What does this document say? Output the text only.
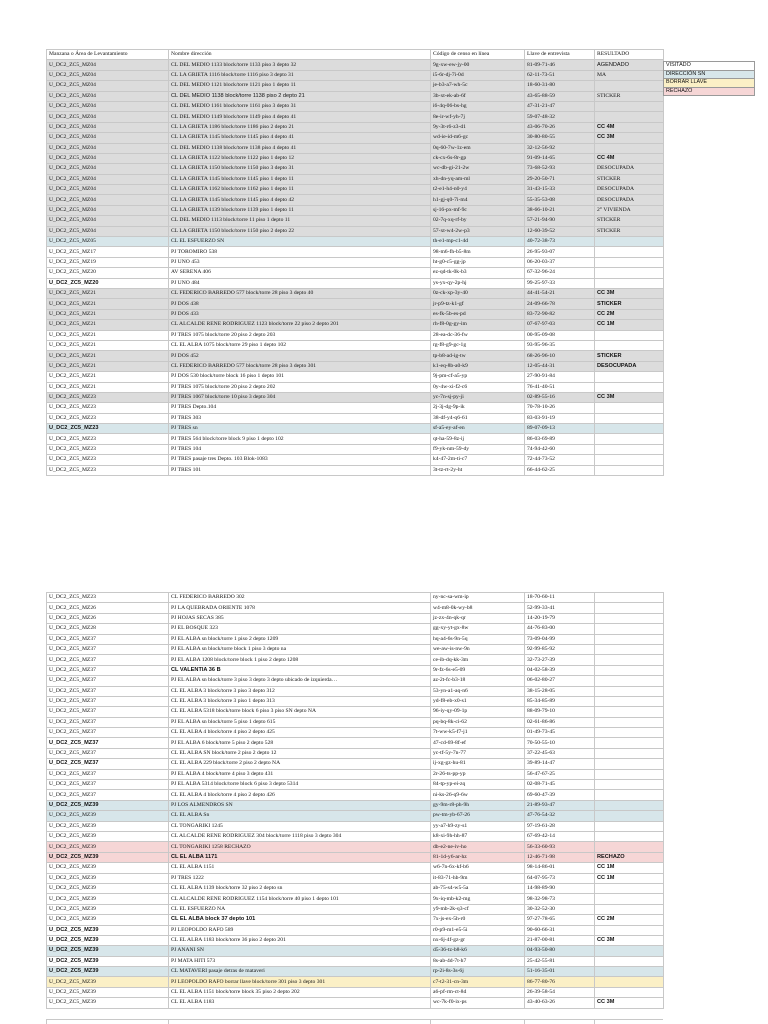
Manzana o Área de Levantamiento	Nombre dirección	Código de censo en línea	Llave de entrevista	RESULTADO
U_DC2_ZC5_MZ04	CL DEL MEDIO 1133 block/torre 1133 piso 3 depto 32	9g-xw-ew-jy-00	81-09-71-46	AGENDADO
U_DC2_ZC5_MZ04	CL LA GRIETA 1116 block/torre 1116 piso 3 depto 31	i5-6r-dj-7i-0d	62-11-73-51	MA
U_DC2_ZC5_MZ04	CL DEL MEDIO 1121 block/torre 1121 piso 1 depto 11	je-b3-a7-wh-5c	18-60-31-80	
U_DC2_ZC5_MZ04	CL DEL MEDIO 1138 block/torre 1138 piso 2 depto 21	3b-xt-ek-ab-6f	43-65-88-59	STICKER
U_DC2_ZC5_MZ04	CL DEL MEDIO 1161 block/torre 1161 piso 3 depto 31	i6-4q-06-bs-hg	47-31-21-47	
U_DC2_ZC5_MZ04	CL DEL MEDIO 1149 block/torre 1149 piso 4 depto 41	8e-ir-wf-yh-7j	59-07-48-32	
U_DC2_ZC5_MZ04	CL LA GRIETA 1186 block/torre 1186 piso 2 depto 21	9y-3t-r6-z3-d1	43-06-70-26	CC 4M
U_DC2_ZC5_MZ04	CL LA GRIETA 1145 block/torre 1145 piso 4 depto 41	wd-ie-id-m6-gc	30-80-80-55	CC 3M
U_DC2_ZC5_MZ04	CL DEL MEDIO 1138 block/torre 1138 piso 4 depto 41	0q-60-7w-1z-em	32-12-56-92	
U_DC2_ZC5_MZ04	CL LA GRIETA 1122 block/torre 1122 piso 1 depto 12	ck-cx-6s-8r-gp	91-09-14-65	CC 4M
U_DC2_ZC5_MZ04	CL LA GRIETA 1150 block/torre 1150 piso 3 depto 31	wc-db-gi-21-2w	73-68-52-93	DESOCUPADA
U_DC2_ZC5_MZ04	CL LA GRIETA 1145 block/torre 1145 piso 1 depto 11	xh-dn-yq-am-ml	29-20-50-71	STICKER
U_DC2_ZC5_MZ04	CL LA GRIETA 1162 block/torre 1162 piso 1 depto 11	t2-e1-h4-n0-y4	31-43-15-33	DESOCUPADA
U_DC2_ZC5_MZ04	CL LA GRIETA 1145 block/torre 1145 piso 4 depto 42	h1-gj-q0-7i-m4	55-35-53-08	DESOCUPADA
U_DC2_ZC5_MZ04	CL LA GRIETA 1139 block/torre 1139 piso 1 depto 11	sj-16-px-mf-9c	38-66-10-21	2° VIVIENDA
U_DC2_ZC5_MZ04	CL DEL MEDIO 1113 block/torre 11 piso 1 depto 11	02-7q-xq-rf-by	57-21-94-90	STICKER
U_DC2_ZC5_MZ04	CL LA GRIETA 1150 block/torre 1150 piso 2 depto 22	57-xt-w4-2w-p3	12-60-39-52	STICKER
U_DC2_ZC5_MZ05	CL EL ESFUERZO SN	th-e1-mp-c1-4d	40-72-38-73	
U_DC2_ZC5_MZ17	PJ TOROMIRO 538	98-m6-fh-b5-8m	26-95-93-07	
U_DC2_ZC5_MZ19	PJ UNO 453	ht-g0-c5-gg-jp	06-20-03-37	
U_DC2_ZC5_MZ20	AV SERENA 406	ez-qd-tk-0k-b3	67-32-96-24	
U_DC2_ZC5_MZ20	PJ UNO 484	ys-yx-qy-2p-hj	99-25-97-33	
U_DC2_ZC5_MZ21	CL FEDERICO BARREDO 577 block/torre 28 piso 3 depto 40	0z-ck-xp-3y-40	44-41-54-21	CC 3M
U_DC2_ZC5_MZ21	PJ DOS 438	jr-p9-tz-k1-gf	24-09-66-78	STICKER
U_DC2_ZC5_MZ21	PJ DOS 433	es-fk-5b-es-pd	83-72-90-82	CC 2M
U_DC2_ZC5_MZ21	CL ALCALDE RENE RODRIGUEZ 1123 block/torre 22 piso 2 depto 201	rh-f8-0g-gy-im	07-67-97-03	CC 1M
U_DC2_ZC5_MZ21	PJ TRES 1075 block/torre 20 piso 2 depto 203	28-ea-dc-36-fw	00-95-09-08	
U_DC2_ZC5_MZ21	CL EL ALBA 1075 block/torre 29 piso 1 depto 102	rg-f8-g9-gc-1g	93-95-96-35	
U_DC2_ZC5_MZ21	PJ DOS 452	tp-b8-ad-ig-tw	68-26-96-10	STICKER
U_DC2_ZC5_MZ21	CL FEDERICO BARREDO 577 block/torre 28 piso 3 depto 301	k1-eq-8b-a0-k9	12-05-44-31	DESOCUPADA
U_DC2_ZC5_MZ21	PJ DOS 530 block/torre block 16 piso 1 depto 101	9j-pm-cf-a5-yp	27-90-91-84	
U_DC2_ZC5_MZ21	PJ TRES 1075 block/torre 20 piso 2 depto 202	0y-4w-xi-f2-c6	76-41-40-51	
U_DC2_ZC5_MZ23	PJ TRES 1067 block/torre 10 piso 3 depto 304	yc-7n-sj-py-ji	02-89-55-16	CC 3M
U_DC2_ZC5_MZ23	PJ TRES Depto.104	2j-3j-dg-9p-ik	70-78-10-26	
U_DC2_ZC5_MZ23	PJ TRES 303	38-df-y4-q6-61	83-03-91-19	
U_DC2_ZC5_MZ23	PJ TRES sn	sf-a5-ey-af-en	89-07-09-13	
U_DC2_ZC5_MZ23	PJ TRES 564 block/torre block 9 piso 1 depto 102	qt-ha-59-8z-ij	86-03-69-89	
U_DC2_ZC5_MZ23	PJ TRES 104	f9-yk-nm-59-dy	74-94-42-60	
U_DC2_ZC5_MZ23	PJ TRES pasaje tres Depto. 103 Blok-1083	k4-47-2m-ti-c7	72-44-73-52	
U_DC2_ZC5_MZ23	PJ TRES 101	3t-tz-rt-2y-ht	66-44-62-25	
VISITADO
DIRECCIÓN SN
BORRAR LLAVE
RECHAZO
U_DC2_ZC5_MZ23	CL FEDERICO BARREDO 302	ny-nc-sa-wm-ip	18-70-60-11	
U_DC2_ZC5_MZ26	PJ LA QUEBRADA ORIENTE 1078	w4-m8-0k-wy-b8	52-99-33-41	
U_DC2_ZC5_MZ26	PJ HOJAS SECAS 385	jz-zx-4n-qk-qr	14-20-19-79	
U_DC2_ZC5_MZ28	PJ EL BOSQUE 323	gg-xy-yt-gx-8w	44-76-83-00	
U_DC2_ZC5_MZ37	PJ EL ALBA sn block/torre 1 piso 2 depto 1209	hq-a4-6s-9n-5q	73-09-04-99	
U_DC2_ZC5_MZ37	PJ EL ALBA sn block/torre block 1 piso 3 depto na	we-aw-is-nw-9n	92-99-85-92	
U_DC2_ZC5_MZ37	PJ EL ALBA 1208 block/torre block 1 piso 2 depto 1208	ce-ib-dq-kk-3m	32-73-27-39	
U_DC2_ZC5_MZ37	CL VALENTIA 36 B	9r-fz-6s-e5-09	04-02-58-39	
U_DC2_ZC5_MZ37	PJ EL ALBA sn block/torre 3 piso 3 depto 3 depto ubicado de izquierda…	az-2t-fc-b3-18	06-02-80-27	
U_DC2_ZC5_MZ37	CL EL ALBA 3 block/torre 3 piso 3 depto 312	53-yn-a1-aq-n6	38-15-28-05	
U_DC2_ZC5_MZ37	CL EL ALBA 3 block/torre 3 piso 1 depto 313	yd-f8-eb-x0-s1	85-34-85-89	
U_DC2_ZC5_MZ37	CL EL ALBA 5318 block/torre block 6 piso 3 piso SN depto NA	96-iy-qy-09-1p	88-09-79-10	
U_DC2_ZC5_MZ37	PJ EL ALBA sn block/torre 5 piso 1 depto 615	pq-bq-8k-ci-62	02-61-86-86	
U_DC2_ZC5_MZ37	CL EL ALBA 4 block/torre 4 piso 2 depto 425	7t-ww-k5-f7-j1	01-49-73-45	
U_DC2_ZC5_MZ37	PJ EL ALBA 6 block/torre 5 piso 2 depto 528	47-cd-69-8f-ef	70-50-55-10	
U_DC2_ZC5_MZ37	CL EL ALBA SN block/torre 2 piso 2 depto 12	yc-tf-5y-7n-77	37-22-45-63	
U_DC2_ZC5_MZ37	CL EL ALBA 229 block/torre 2 piso 2 depto NA	ij-xg-gz-hu-81	39-89-14-47	
U_DC2_ZC5_MZ37	PJ EL ALBA 4 block/torre 4 piso 3 depto 431	2r-26-ts-pp-yp	56-47-67-25	
U_DC2_ZC5_MZ37	PJ EL ALBA 5314 block/torre block 6 piso 3 depto 5314	84-tp-yp-ei-zq	02-08-71-45	
U_DC2_ZC5_MZ37	CL EL ALBA 4 block/torre 4 piso 2 depto 426	ni-ks-26-q9-6w	69-60-47-39	
U_DC2_ZC5_MZ39	PJ LOS ALMENDROS SN	gy-9m-r8-ph-9h	21-89-93-47	
U_DC2_ZC5_MZ39	CL EL ALBA Sn	pw-tm-yb-67-26	47-76-54-32	
U_DC2_ZC5_MZ39	CL TONGARIKI 1245	yy-a7-h9-zy-s1	97-19-61-28	
U_DC2_ZC5_MZ39	CL ALCALDE RENE RODRIGUEZ 304 block/torre 1118 piso 3 depto 304	k8-xi-9h-hh-87	67-69-42-14	
U_DC2_ZC5_MZ39	CL TONGARIKI 1258 RECHAZO	db-e2-ne-iv-ho	56-33-60-93	
U_DC2_ZC5_MZ39	CL EL ALBA 1171	81-1d-y6-ar-hz	12-46-71-98	RECHAZO
U_DC2_ZC5_MZ39	CL EL ALBA 1151	w6-7n-6x-kf-b6	98-14-86-01	CC 1M
U_DC2_ZC5_MZ39	PJ TRES 1222	it-83-71-hb-9m	64-07-95-73	CC 1M
U_DC2_ZC5_MZ39	CL EL ALBA 1139 block/torre 32 piso 2 depto sn	ab-75-s4-w5-5a	14-98-89-90	
U_DC2_ZC5_MZ39	CL ALCALDE RENE RODRIGUEZ 1154 block/torre 40 piso 1 depto 101	9x-iq-mb-k2-mg	98-32-98-73	
U_DC2_ZC5_MZ39	CL EL ESFUERZO NA	y9-mb-2k-q3-cf	30-32-52-30	
U_DC2_ZC5_MZ39	CL EL ALBA block 37 depto 101	7x-js-ex-5h-r0	97-27-78-65	CC 2M
U_DC2_ZC5_MZ39	PJ LEOPOLDO RAFO 589	r0-p9-m1-e5-5i	90-60-66-31	
U_DC2_ZC5_MZ39	CL EL ALBA 1183 block/torre 36 piso 2 depto 201	nx-6j-4f-gz-gr	21-87-00-81	CC 3M
U_DC2_ZC5_MZ39	PJ ANANI SN	d5-36-tz-b8-k6	04-93-50-80	
U_DC2_ZC5_MZ39	PJ MATA HITI 573	8s-ab-4d-7t-h7	25-42-55-81	
U_DC2_ZC5_MZ39	CL MATAVERI pasaje detras de mataveri	rp-2i-8s-3s-6j	51-16-35-01	
U_DC2_ZC5_MZ39	PJ LEOPOLDO RAFO borrar llave block/torre 301 piso 3 depto 301	c7-t2-31-cn-3m	86-77-80-76	
U_DC2_ZC5_MZ39	CL EL ALBA 1151 block/torre block 35 piso 2 depto 202	a6-pf-rm-ct-8d	26-39-58-54	
U_DC2_ZC5_MZ39	CL EL ALBA 1183	wc-7k-f0-ix-ps	43-40-63-26	CC 3M
